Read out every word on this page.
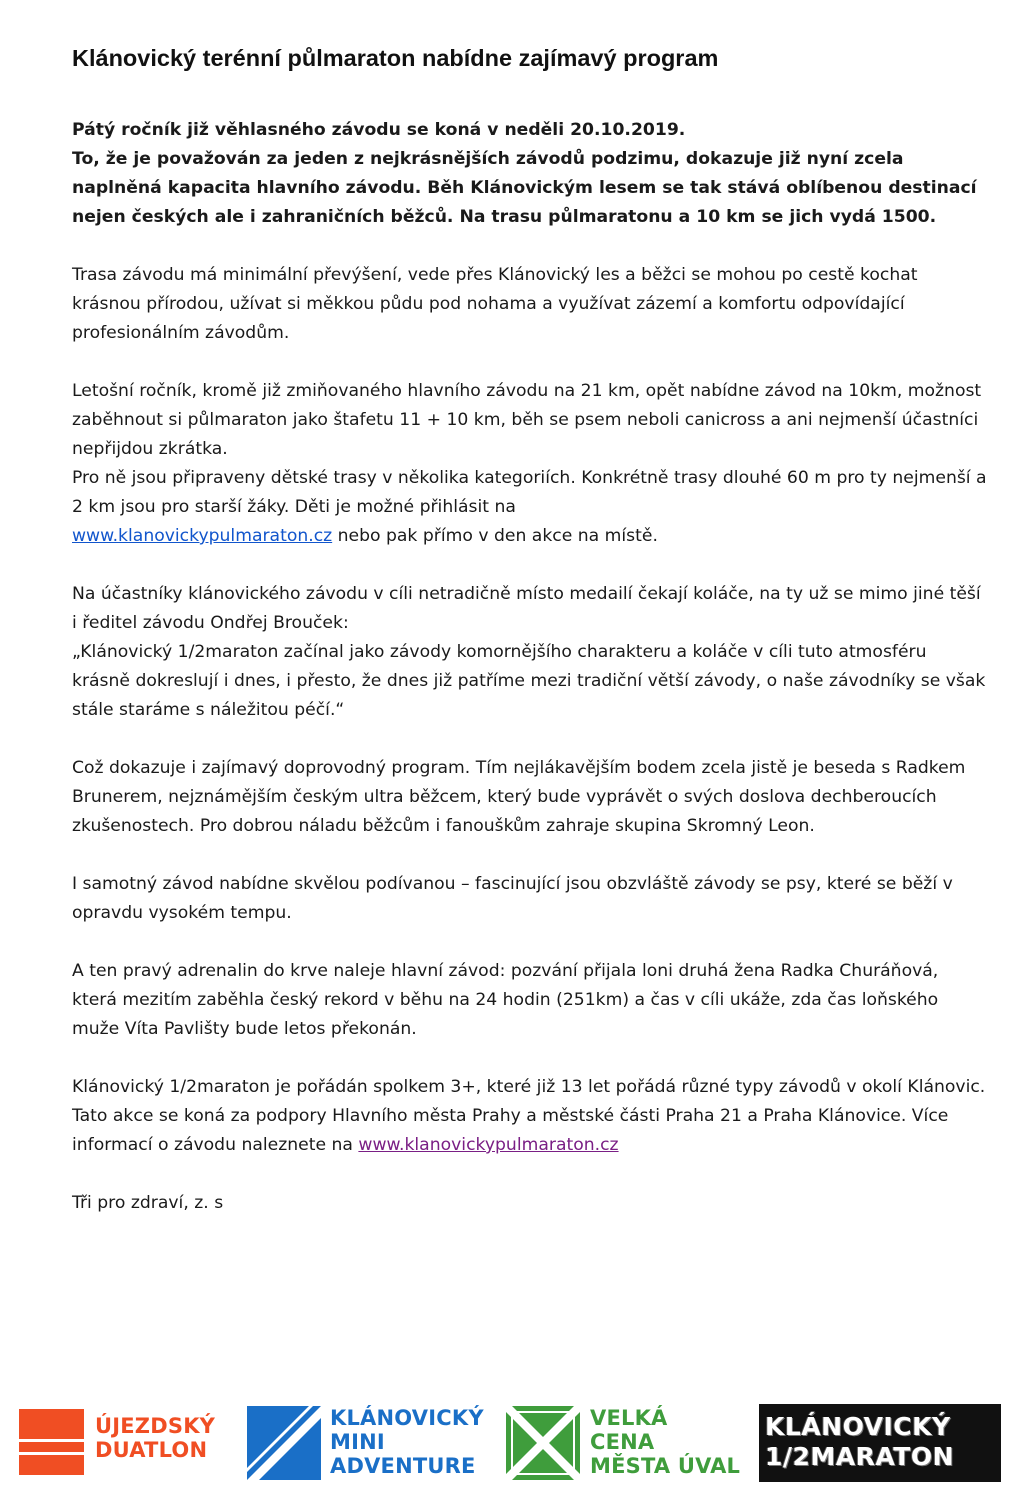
Klánovický terénní půlmaraton nabídne zajímavý program

Pátý ročník již věhlasného závodu se koná v neděli 20.10.2019.
To, že je považován za jeden z nejkrásnějších závodů podzimu, dokazuje již nyní zcela naplněná kapacita hlavního závodu. Běh Klánovickým lesem se tak stává oblíbenou destinací nejen českých ale i zahraničních běžců. Na trasu půlmaratonu a 10 km se jich vydá 1500.

Trasa závodu má minimální převýšení, vede přes Klánovický les a běžci se mohou po cestě kochat krásnou přírodou, užívat si měkkou půdu pod nohama a využívat zázemí a komfortu odpovídající profesionálním závodům.

Letošní ročník, kromě již zmiňovaného hlavního závodu na 21 km, opět nabídne závod na 10km, možnost zaběhnout si půlmaraton jako štafetu 11 + 10 km, běh se psem neboli canicross a ani nejmenší účastníci nepřijdou zkrátka.
Pro ně jsou připraveny dětské trasy v několika kategoriích. Konkrétně trasy dlouhé 60 m pro ty nejmenší a 2 km jsou pro starší žáky. Děti je možné přihlásit na
www.klanovickypulmaraton.cz nebo pak přímo v den akce na místě.

Na účastníky klánovického závodu v cíli netradičně místo medailí čekají koláče, na ty už se mimo jiné těší i ředitel závodu Ondřej Brouček:
„Klánovický 1/2maraton začínal jako závody komornějšího charakteru a koláče v cíli tuto atmosféru krásně dokreslují i dnes, i přesto, že dnes již patříme mezi tradiční větší závody, o naše závodníky se však stále staráme s náležitou péčí.“

Což dokazuje i zajímavý doprovodný program. Tím nejlákavějším bodem zcela jistě je beseda s Radkem Brunerem, nejznámějším českým ultra běžcem, který bude vyprávět o svých doslova dechberoucích zkušenostech. Pro dobrou náladu běžcům i fanouškům zahraje skupina Skromný Leon.

I samotný závod nabídne skvělou podívanou – fascinující jsou obzvláště závody se psy, které se běží v opravdu vysokém tempu.

A ten pravý adrenalin do krve naleje hlavní závod: pozvání přijala loni druhá žena Radka Churáňová, která mezitím zaběhla český rekord v běhu na 24 hodin (251km) a čas v cíli ukáže, zda čas loňského muže Víta Pavlišty bude letos překonán.

Klánovický 1/2maraton je pořádán spolkem 3+, které již 13 let pořádá různé typy závodů v okolí Klánovic. Tato akce se koná za podpory Hlavního města Prahy a městské části Praha 21 a Praha Klánovice. Více informací o závodu naleznete na www.klanovickypulmaraton.cz

Tři pro zdraví, z. s

ÚJEZDSKÝ
DUATLON
KLÁNOVICKÝ
MINI
ADVENTURE
VELKÁ
CENA
MĚSTA ÚVAL
KLÁNOVICKÝ
1/2MARATON
